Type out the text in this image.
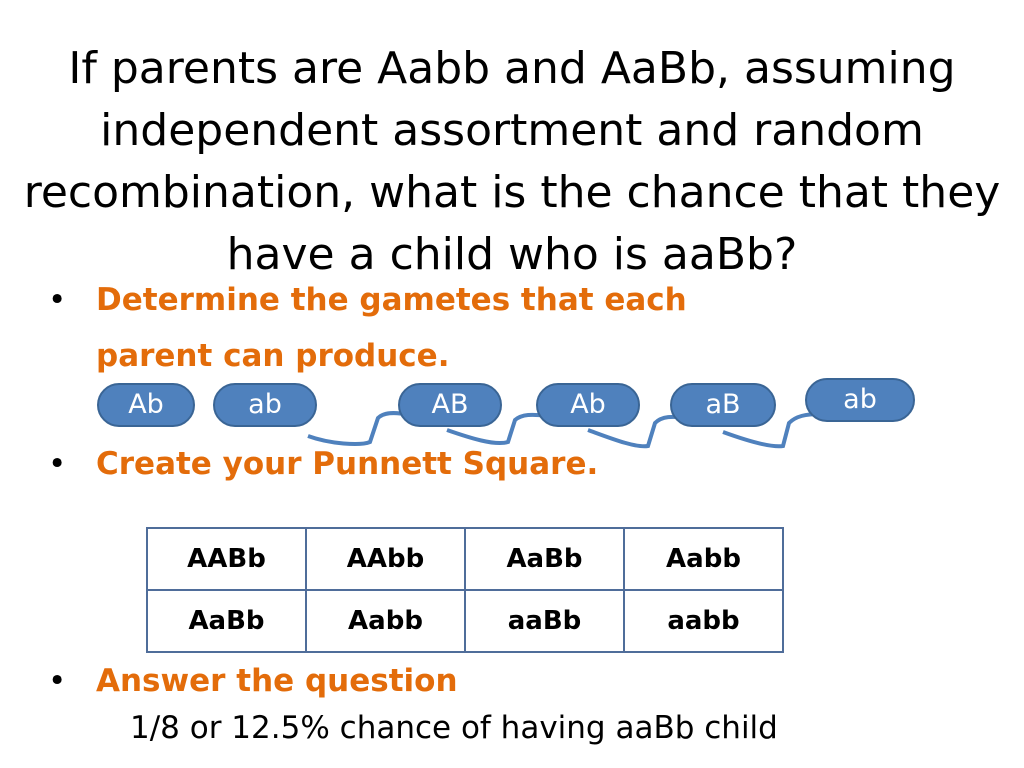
If parents are Aabb and AaBb, assuming independent assortment and random recombination, what is the chance that they have a child who is aaBb?
• Determine the gametes that each parent can produce.
Ab	ab	AB	Ab	aB	ab
• Create your Punnett Square.
AABb	AAbb	AaBb	Aabb
AaBb	Aabb	aaBb	aabb
• Answer the question
1/8 or 12.5% chance of having aaBb child
